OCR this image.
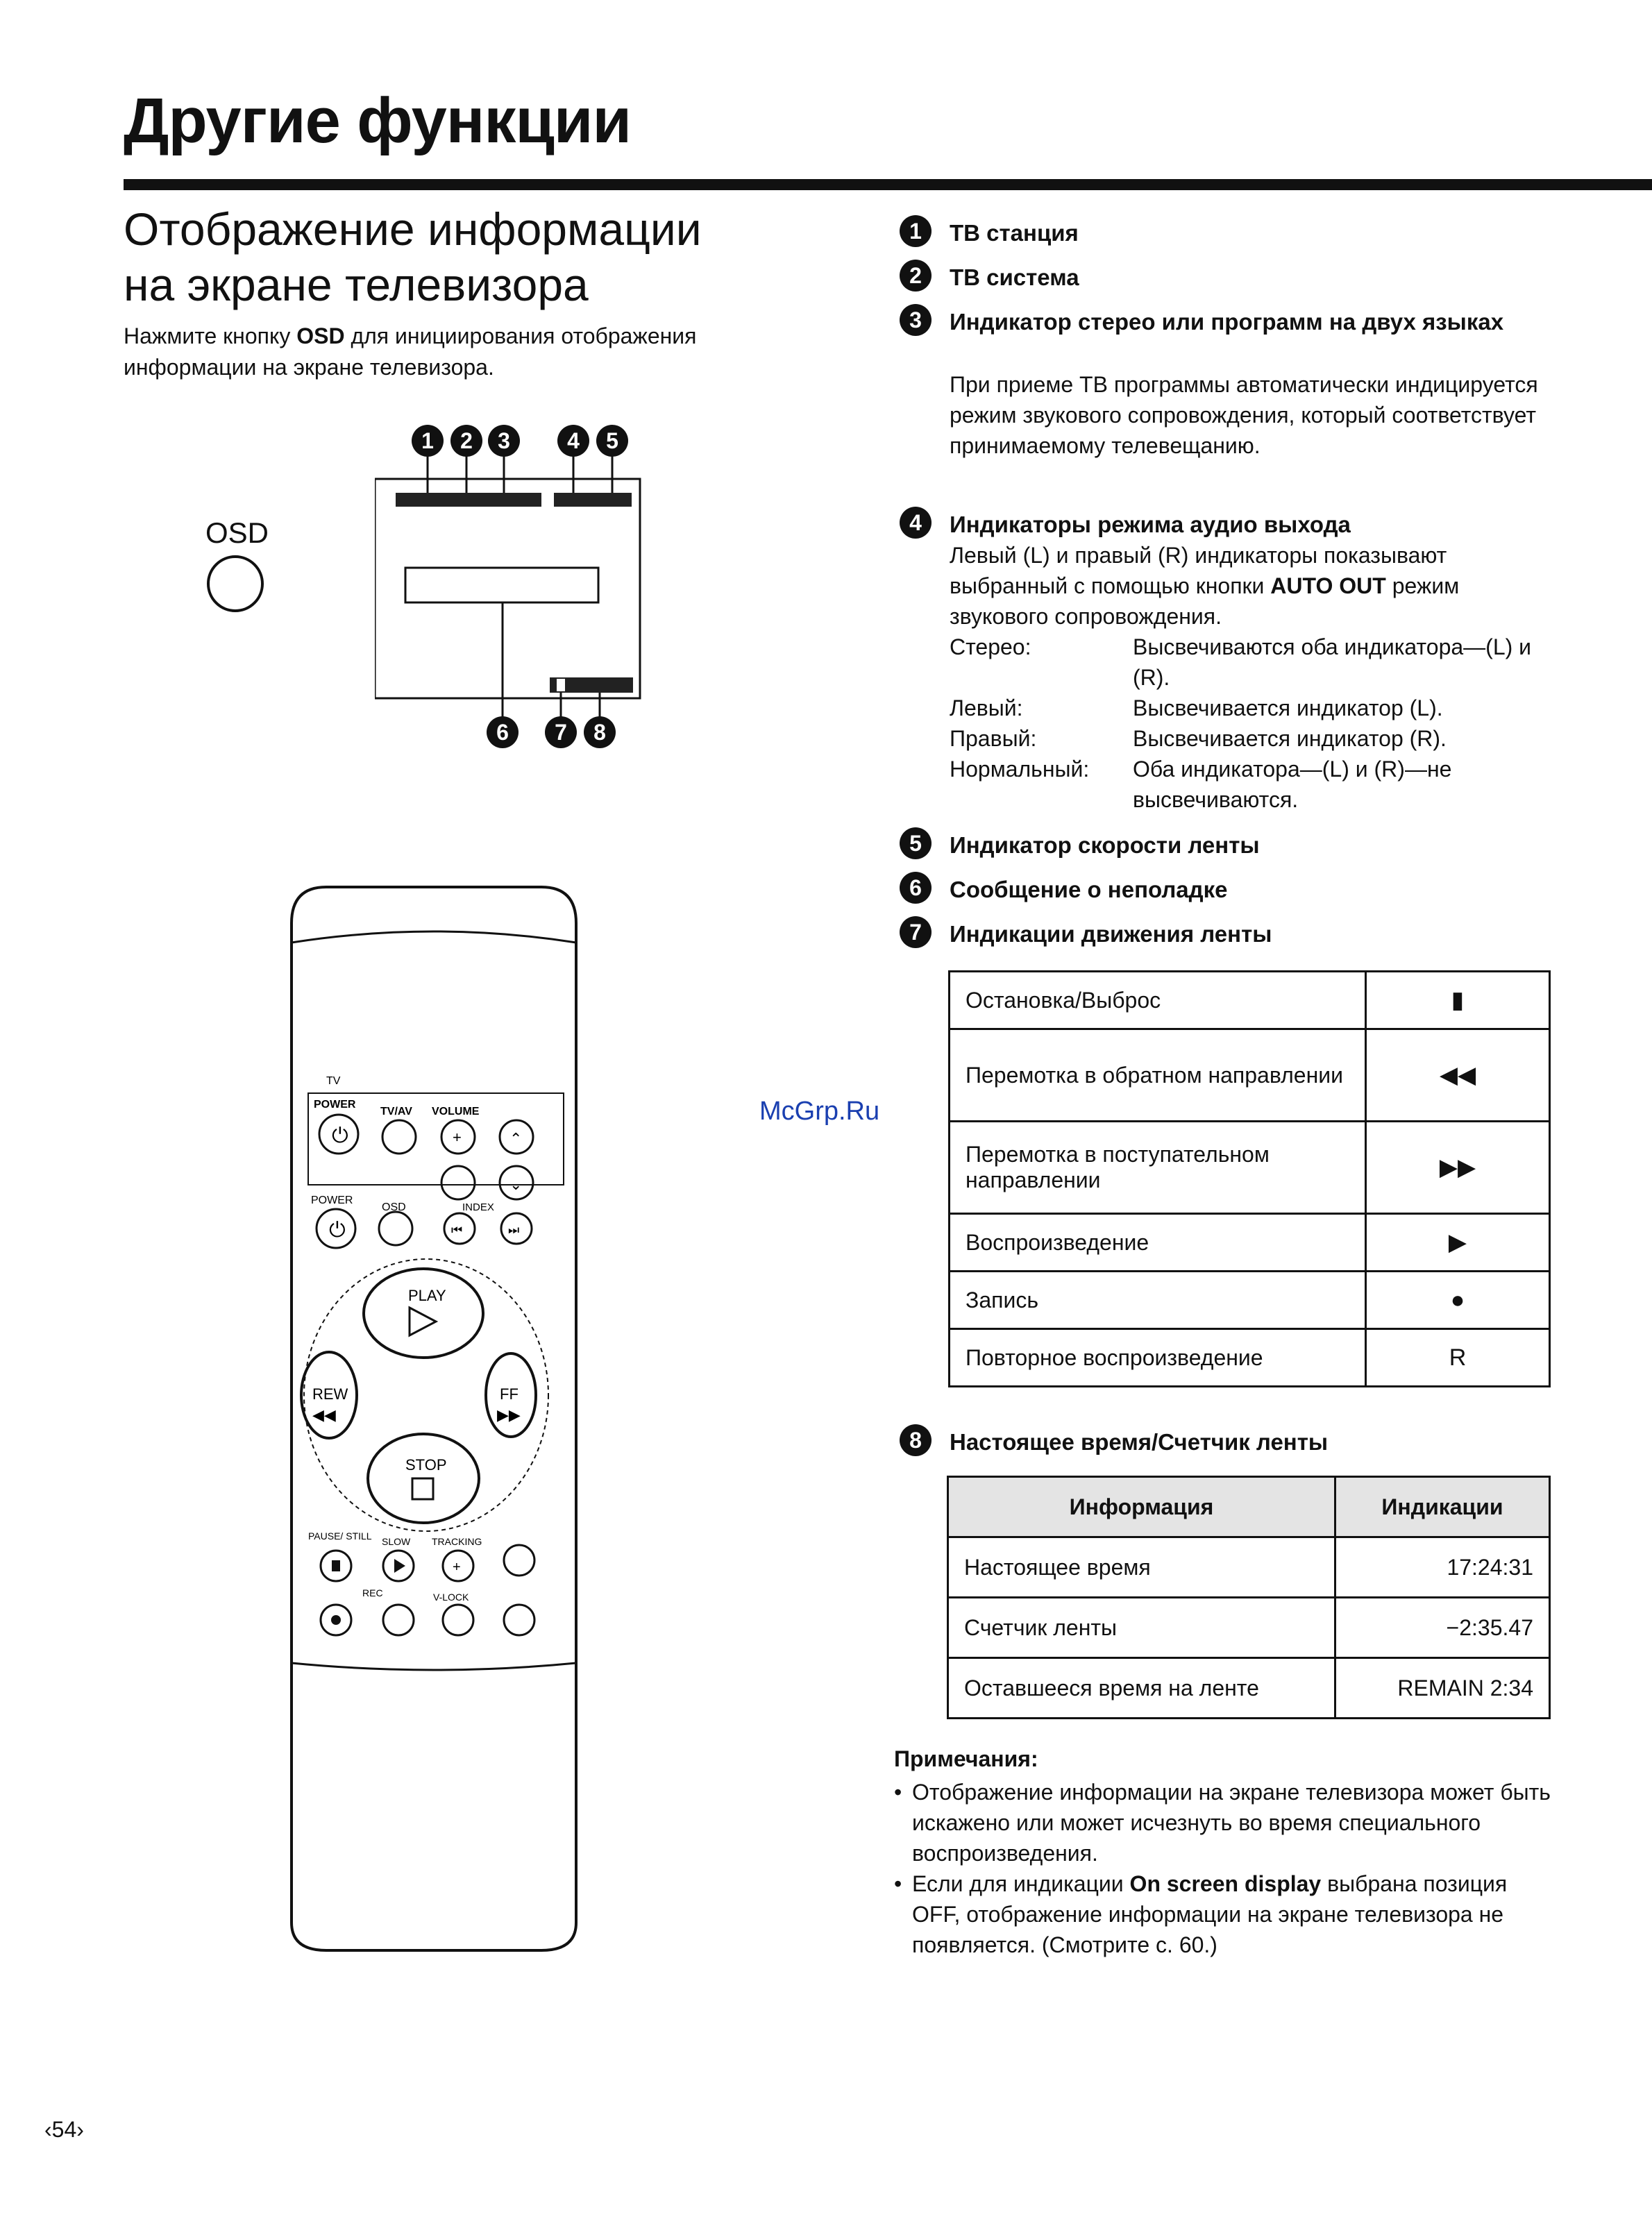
Другие функции
Отображение информации
на экране телевизора
Нажмите кнопку OSD для инициирования отображения информации на экране телевизора.
OSD
1	2	3	4	5
6	7	8
TV
POWER
⏻
TV/AV VOLUME
+	⌃
⌄
POWER
⏻
OSD	INDEX
⏮	⏭
PLAY
REW
◀◀
FF
▶▶
STOP
PAUSE/ STILL SLOW TRACKING
+
REC	V-LOCK
‹54›
1	ТВ станция
2	ТВ система
3	Индикатор стерео или программ на двух языках
При приеме ТВ программы автоматически индицируется режим звукового сопровождения, который соответствует принимаемому телевещанию.
4	Индикаторы режима аудио выхода
Левый (L) и правый (R) индикаторы показывают выбранный с помощью кнопки AUTO OUT режим звукового сопровождения.
Стерео:	Высвечиваются оба индикатора—(L) и (R).
Левый:	Высвечивается индикатор (L).
Правый:	Высвечивается индикатор (R).
Нормальный:	Оба индикатора—(L) и (R)—не высвечиваются.
5	Индикатор скорости ленты
6	Сообщение о неполадке
7	Индикации движения ленты
8	Настоящее время/Счетчик ленты
Остановка/Выброс	▮
Перемотка в обратном направлении	◀◀
Перемотка в поступательном направлении	▶▶
Воспроизведение	▶
Запись	●
Повторное воспроизведение	R
Информация	Индикации
Настоящее время	17:24:31
Счетчик ленты	−2:35.47
Оставшееся время на ленте	REMAIN 2:34
Примечания:
• Отображение информации на экране телевизора может быть искажено или может исчезнуть во время специального воспроизведения.
• Если для индикации On screen display выбрана позиция OFF, отображение информации на экране телевизора не появляется. (Смотрите с. 60.)
McGrp.Ru
